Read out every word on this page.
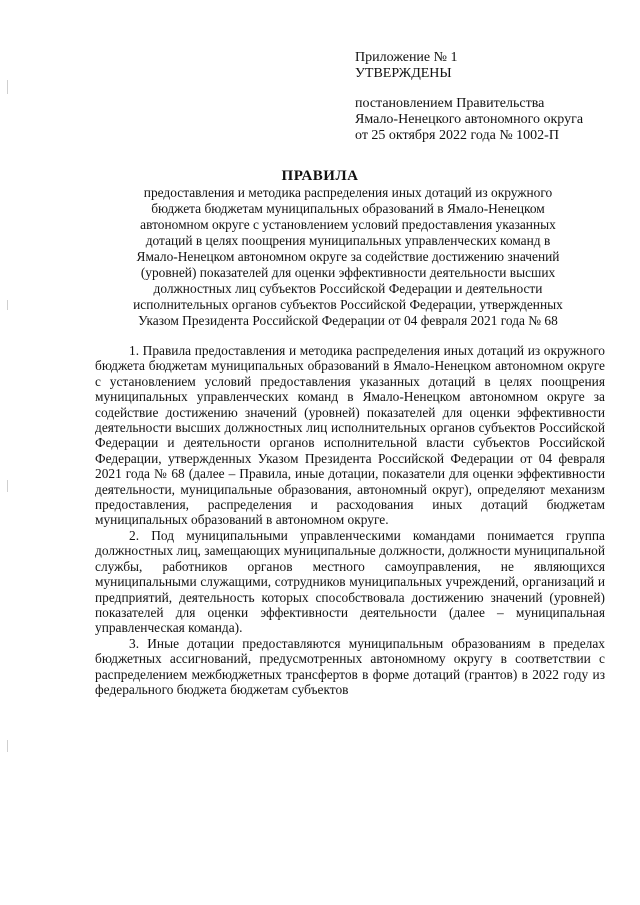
Приложение № 1
УТВЕРЖДЕНЫ
постановлением Правительства
Ямало-Ненецкого автономного округа
от 25 октября 2022 года № 1002-П
ПРАВИЛА
предоставления и методика распределения иных дотаций из окружного
бюджета бюджетам муниципальных образований в Ямало-Ненецком
автономном округе с установлением условий предоставления указанных
дотаций в целях поощрения муниципальных управленческих команд в
Ямало-Ненецком автономном округе за содействие достижению значений
(уровней) показателей для оценки эффективности деятельности высших
должностных лиц субъектов Российской Федерации и деятельности
исполнительных органов субъектов Российской Федерации, утвержденных
Указом Президента Российской Федерации от 04 февраля 2021 года № 68

1. Правила предоставления и методика распределения иных дотаций из окружного бюджета бюджетам муниципальных образований в Ямало-Ненецком автономном округе с установлением условий предоставления указанных дотаций в целях поощрения муниципальных управленческих команд в Ямало-Ненецком автономном округе за содействие достижению значений (уровней) показателей для оценки эффективности деятельности высших должностных лиц исполнительных органов субъектов Российской Федерации и деятельности органов исполнительной власти субъектов Российской Федерации, утвержденных Указом Президента Российской Федерации от 04 февраля 2021 года № 68 (далее – Правила, иные дотации, показатели для оценки эффективности деятельности, муниципальные образования, автономный округ), определяют механизм предоставления, распределения и расходования иных дотаций бюджетам муниципальных образований в автономном округе.

2. Под муниципальными управленческими командами понимается группа должностных лиц, замещающих муниципальные должности, должности муниципальной службы, работников органов местного самоуправления, не являющихся муниципальными служащими, сотрудников муниципальных учреждений, организаций и предприятий, деятельность которых способствовала достижению значений (уровней) показателей для оценки эффективности деятельности (далее – муниципальная управленческая команда).

3. Иные дотации предоставляются муниципальным образованиям в пределах бюджетных ассигнований, предусмотренных автономному округу в соответствии с распределением межбюджетных трансфертов в форме дотаций (грантов) в 2022 году из федерального бюджета бюджетам субъектов
